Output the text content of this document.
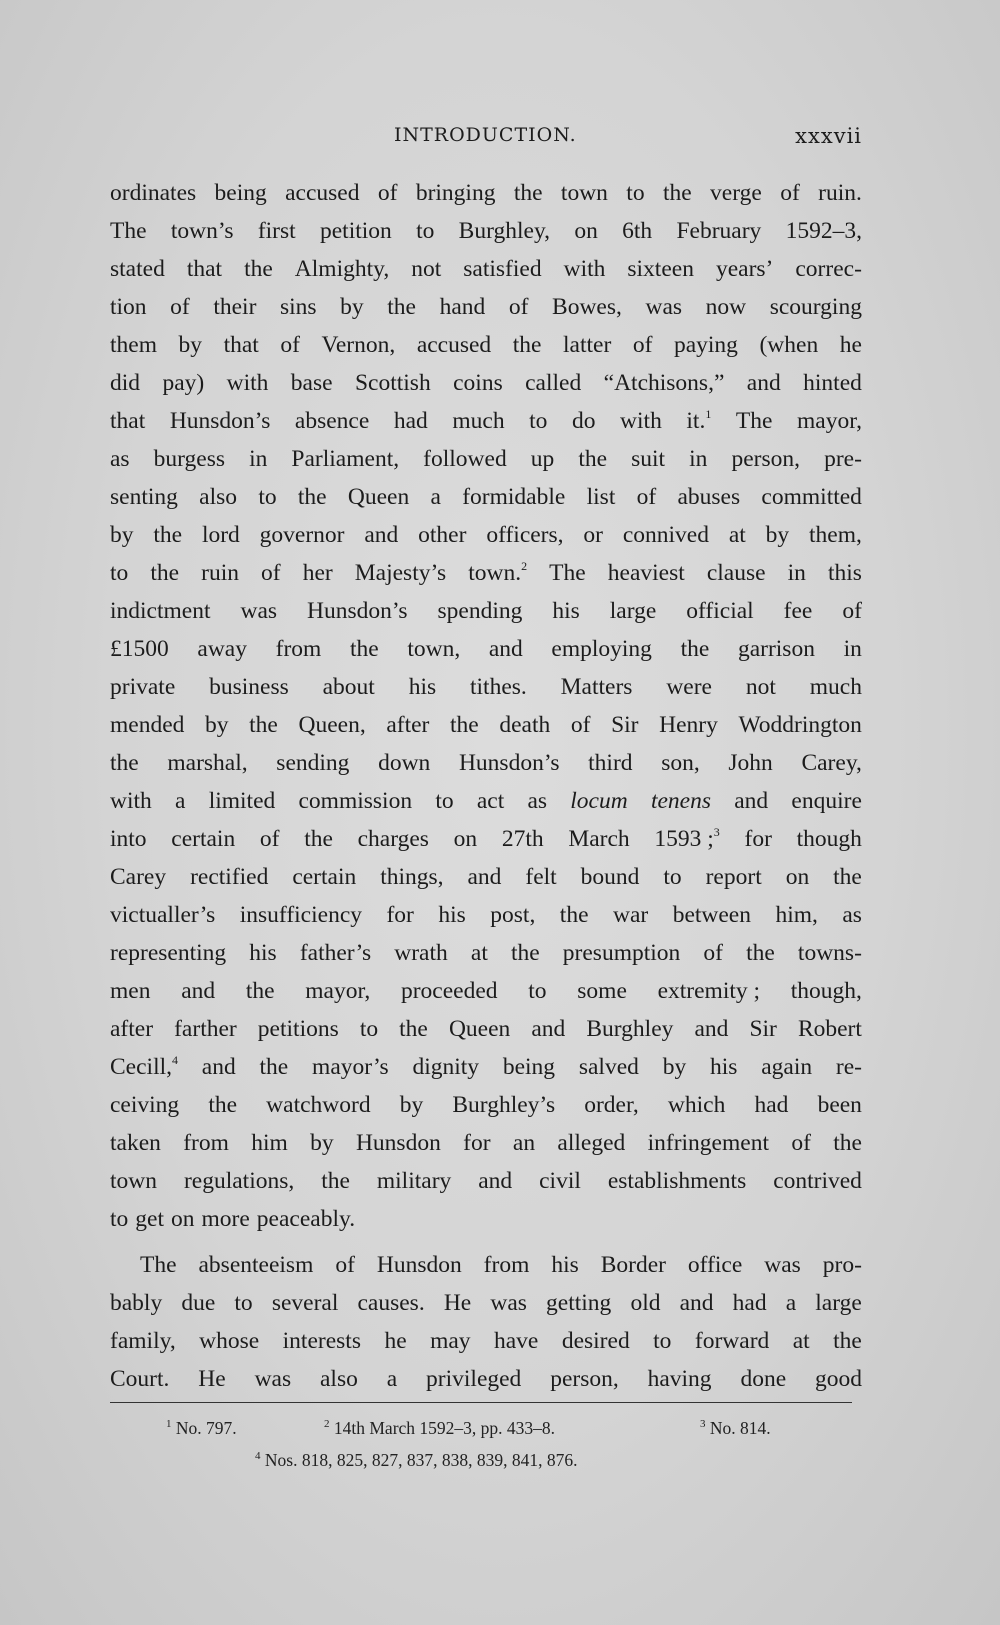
INTRODUCTION.	xxxvii
ordinates being accused of bringing the town to the verge of ruin.
The town’s first petition to Burghley, on 6th February 1592–3,
stated that the Almighty, not satisfied with sixteen years’ correc-
tion of their sins by the hand of Bowes, was now scourging
them by that of Vernon, accused the latter of paying (when he
did pay) with base Scottish coins called “Atchisons,” and hinted
that Hunsdon’s absence had much to do with it.$^1$ The mayor,
as burgess in Parliament, followed up the suit in person, pre-
senting also to the Queen a formidable list of abuses committed
by the lord governor and other officers, or connived at by them,
to the ruin of her Majesty’s town.$^2$ The heaviest clause in this
indictment was Hunsdon’s spending his large official fee of
£1500 away from the town, and employing the garrison in
private business about his tithes. Matters were not much
mended by the Queen, after the death of Sir Henry Woddrington
the marshal, sending down Hunsdon’s third son, John Carey,
with a limited commission to act as locum tenens and enquire
into certain of the charges on 27th March 1593 ;$^3$ for though
Carey rectified certain things, and felt bound to report on the
victualler’s insufficiency for his post, the war between him, as
representing his father’s wrath at the presumption of the towns-
men and the mayor, proceeded to some extremity ; though,
after farther petitions to the Queen and Burghley and Sir Robert
Cecill,$^4$ and the mayor’s dignity being salved by his again re-
ceiving the watchword by Burghley’s order, which had been
taken from him by Hunsdon for an alleged infringement of the
town regulations, the military and civil establishments contrived
to get on more peaceably.
The absenteeism of Hunsdon from his Border office was pro-
bably due to several causes. He was getting old and had a large
family, whose interests he may have desired to forward at the
Court. He was also a privileged person, having done good
$^1$ No. 797.	$^2$ 14th March 1592–3, pp. 433–8.	$^3$ No. 814.
$^4$ Nos. 818, 825, 827, 837, 838, 839, 841, 876.
